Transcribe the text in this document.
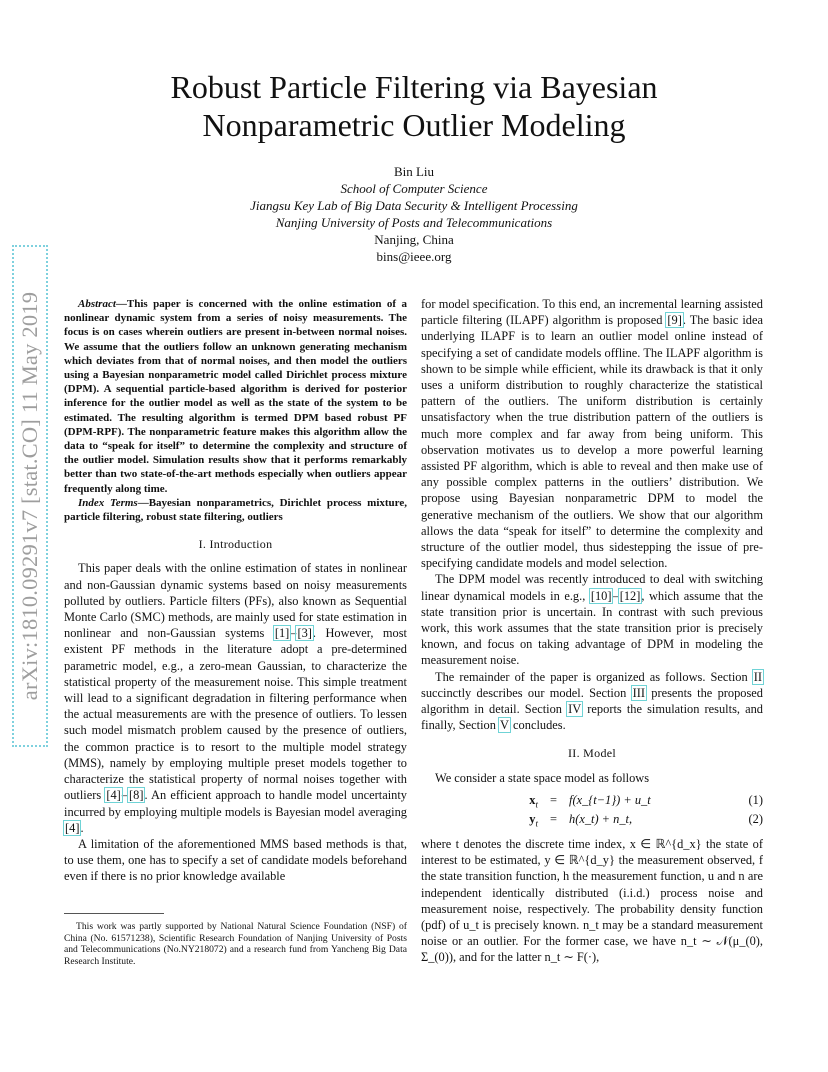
arXiv:1810.09291v7 [stat.CO] 11 May 2019
Robust Particle Filtering via Bayesian
Nonparametric Outlier Modeling
Bin Liu
School of Computer Science
Jiangsu Key Lab of Big Data Security & Intelligent Processing
Nanjing University of Posts and Telecommunications
Nanjing, China
bins@ieee.org

Abstract—This paper is concerned with the online estimation of a nonlinear dynamic system from a series of noisy measurements. The focus is on cases wherein outliers are present in-between normal noises. We assume that the outliers follow an unknown generating mechanism which deviates from that of normal noises, and then model the outliers using a Bayesian nonparametric model called Dirichlet process mixture (DPM). A sequential particle-based algorithm is derived for posterior inference for the outlier model as well as the state of the system to be estimated. The resulting algorithm is termed DPM based robust PF (DPM-RPF). The nonparametric feature makes this algorithm allow the data to “speak for itself” to determine the complexity and structure of the outlier model. Simulation results show that it performs remarkably better than two state-of-the-art methods especially when outliers appear frequently along time.

Index Terms—Bayesian nonparametrics, Dirichlet process mixture, particle filtering, robust state filtering, outliers

I. Introduction

This paper deals with the online estimation of states in nonlinear and non-Gaussian dynamic systems based on noisy measurements polluted by outliers. Particle filters (PFs), also known as Sequential Monte Carlo (SMC) methods, are mainly used for state estimation in nonlinear and non-Gaussian systems [1]–[3]. However, most existent PF methods in the literature adopt a pre-determined parametric model, e.g., a zero-mean Gaussian, to characterize the statistical property of the measurement noise. This simple treatment will lead to a significant degradation in filtering performance when the actual measurements are with the presence of outliers. To lessen such model mismatch problem caused by the presence of outliers, the common practice is to resort to the multiple model strategy (MMS), namely by employing multiple preset models together to characterize the statistical property of normal noises together with outliers [4]–[8]. An efficient approach to handle model uncertainty incurred by employing multiple models is Bayesian model averaging [4].

A limitation of the aforementioned MMS based methods is that, to use them, one has to specify a set of candidate models beforehand even if there is no prior knowledge available

This work was partly supported by National Natural Science Foundation (NSF) of China (No. 61571238), Scientific Research Foundation of Nanjing University of Posts and Telecommunications (No.NY218072) and a research fund from Yancheng Big Data Research Institute.

for model specification. To this end, an incremental learning assisted particle filtering (ILAPF) algorithm is proposed [9]. The basic idea underlying ILAPF is to learn an outlier model online instead of specifying a set of candidate models offline. The ILAPF algorithm is shown to be simple while efficient, while its drawback is that it only uses a uniform distribution to roughly characterize the statistical pattern of the outliers. The uniform distribution is certainly unsatisfactory when the true distribution pattern of the outliers is much more complex and far away from being uniform. This observation motivates us to develop a more powerful learning assisted PF algorithm, which is able to reveal and then make use of any possible complex patterns in the outliers’ distribution. We propose using Bayesian nonparametric DPM to model the generative mechanism of the outliers. We show that our algorithm allows the data “speak for itself” to determine the complexity and structure of the outlier model, thus sidestepping the issue of pre-specifying candidate models and model selection.

The DPM model was recently introduced to deal with switching linear dynamical models in e.g., [10]–[12], which assume that the state transition prior is uncertain. In contrast with such previous work, this work assumes that the state transition prior is precisely known, and focus on taking advantage of DPM in modeling the measurement noise.

The remainder of the paper is organized as follows. Section II succinctly describes our model. Section III presents the proposed algorithm in detail. Section IV reports the simulation results, and finally, Section V concludes.

II. Model

We consider a state space model as follows

$x_t$ = f(x_{t−1}) + u_t	(1)
$y_t$ = h(x_t) + n_t,	(2)

where t denotes the discrete time index, x ∈ ℝ^{d_x} the state of interest to be estimated, y ∈ ℝ^{d_y} the measurement observed, f the state transition function, h the measurement function, u and n are independent identically distributed (i.i.d.) process noise and measurement noise, respectively. The probability density function (pdf) of u_t is precisely known. n_t may be a standard measurement noise or an outlier. For the former case, we have n_t ∼ 𝒩(μ_(0), Σ_(0)), and for the latter n_t ∼ F(·),
